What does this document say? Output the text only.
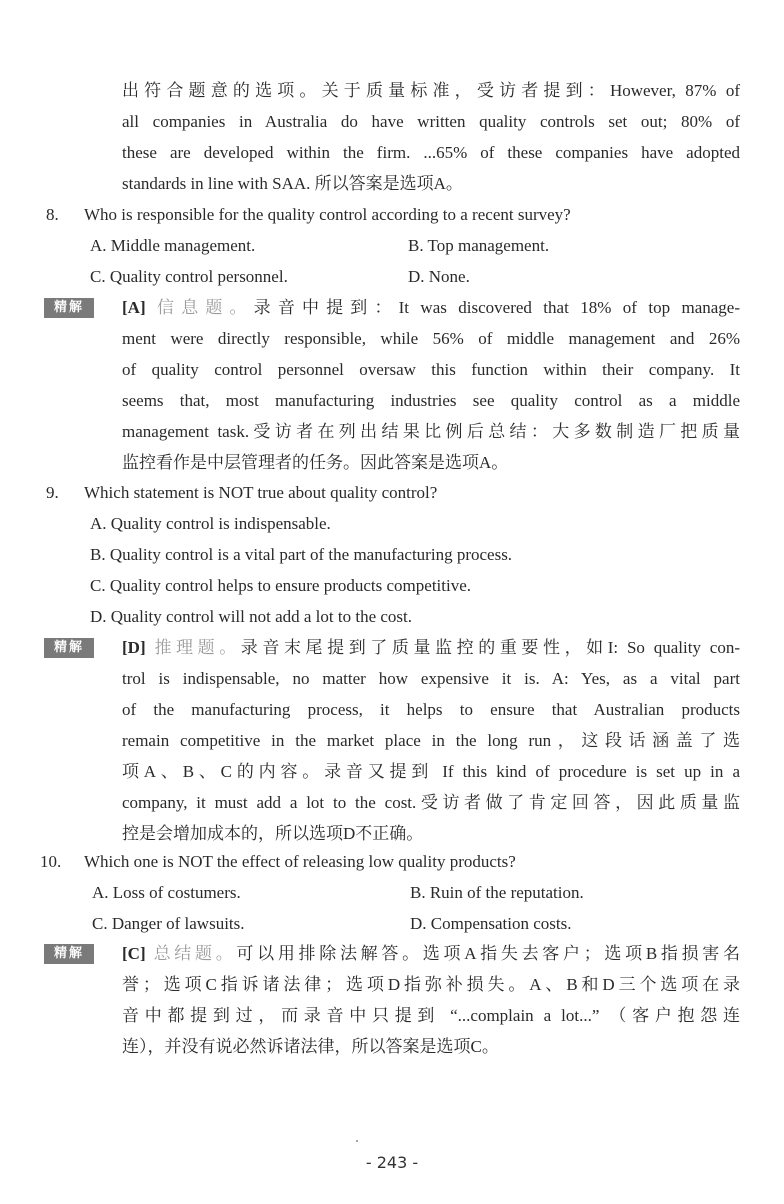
出符合题意的选项。关于质量标准，受访者提到：However, 87% of
all companies in Australia do have written quality controls set out; 80% of
these are developed within the firm. ...65% of these companies have adopted
standards in line with SAA. 所以答案是选项A。
8. Who is responsible for the quality control according to a recent survey?
A. Middle management.	B. Top management.
C. Quality control personnel.	D. None.
精解	[A] 信息题。录音中提到：It was discovered that 18% of top manage-
ment were directly responsible, while 56% of middle management and 26%
of quality control personnel oversaw this function within their company. It
seems that, most manufacturing industries see quality control as a middle
management task.受访者在列出结果比例后总结：大多数制造厂把质量
监控看作是中层管理者的任务。因此答案是选项A。
9. Which statement is NOT true about quality control?
A. Quality control is indispensable.
B. Quality control is a vital part of the manufacturing process.
C. Quality control helps to ensure products competitive.
D. Quality control will not add a lot to the cost.
精解	[D] 推理题。录音末尾提到了质量监控的重要性，如I: So quality con-
trol is indispensable, no matter how expensive it is. A: Yes, as a vital part
of the manufacturing process, it helps to ensure that Australian products
remain competitive in the market place in the long run，这段话涵盖了选
项A、B、C的内容。录音又提到 If this kind of procedure is set up in a
company, it must add a lot to the cost.受访者做了肯定回答，因此质量监
控是会增加成本的，所以选项D不正确。
10. Which one is NOT the effect of releasing low quality products?
A. Loss of costumers.	B. Ruin of the reputation.
C. Danger of lawsuits.	D. Compensation costs.
精解	[C] 总结题。可以用排除法解答。选项A指失去客户；选项B指损害名
誉；选项C指诉诸法律；选项D指弥补损失。A、B和D三个选项在录
音中都提到过，而录音中只提到 “...complain a lot...” （客户抱怨连
连），并没有说必然诉诸法律，所以答案是选项C。
- 243 -
